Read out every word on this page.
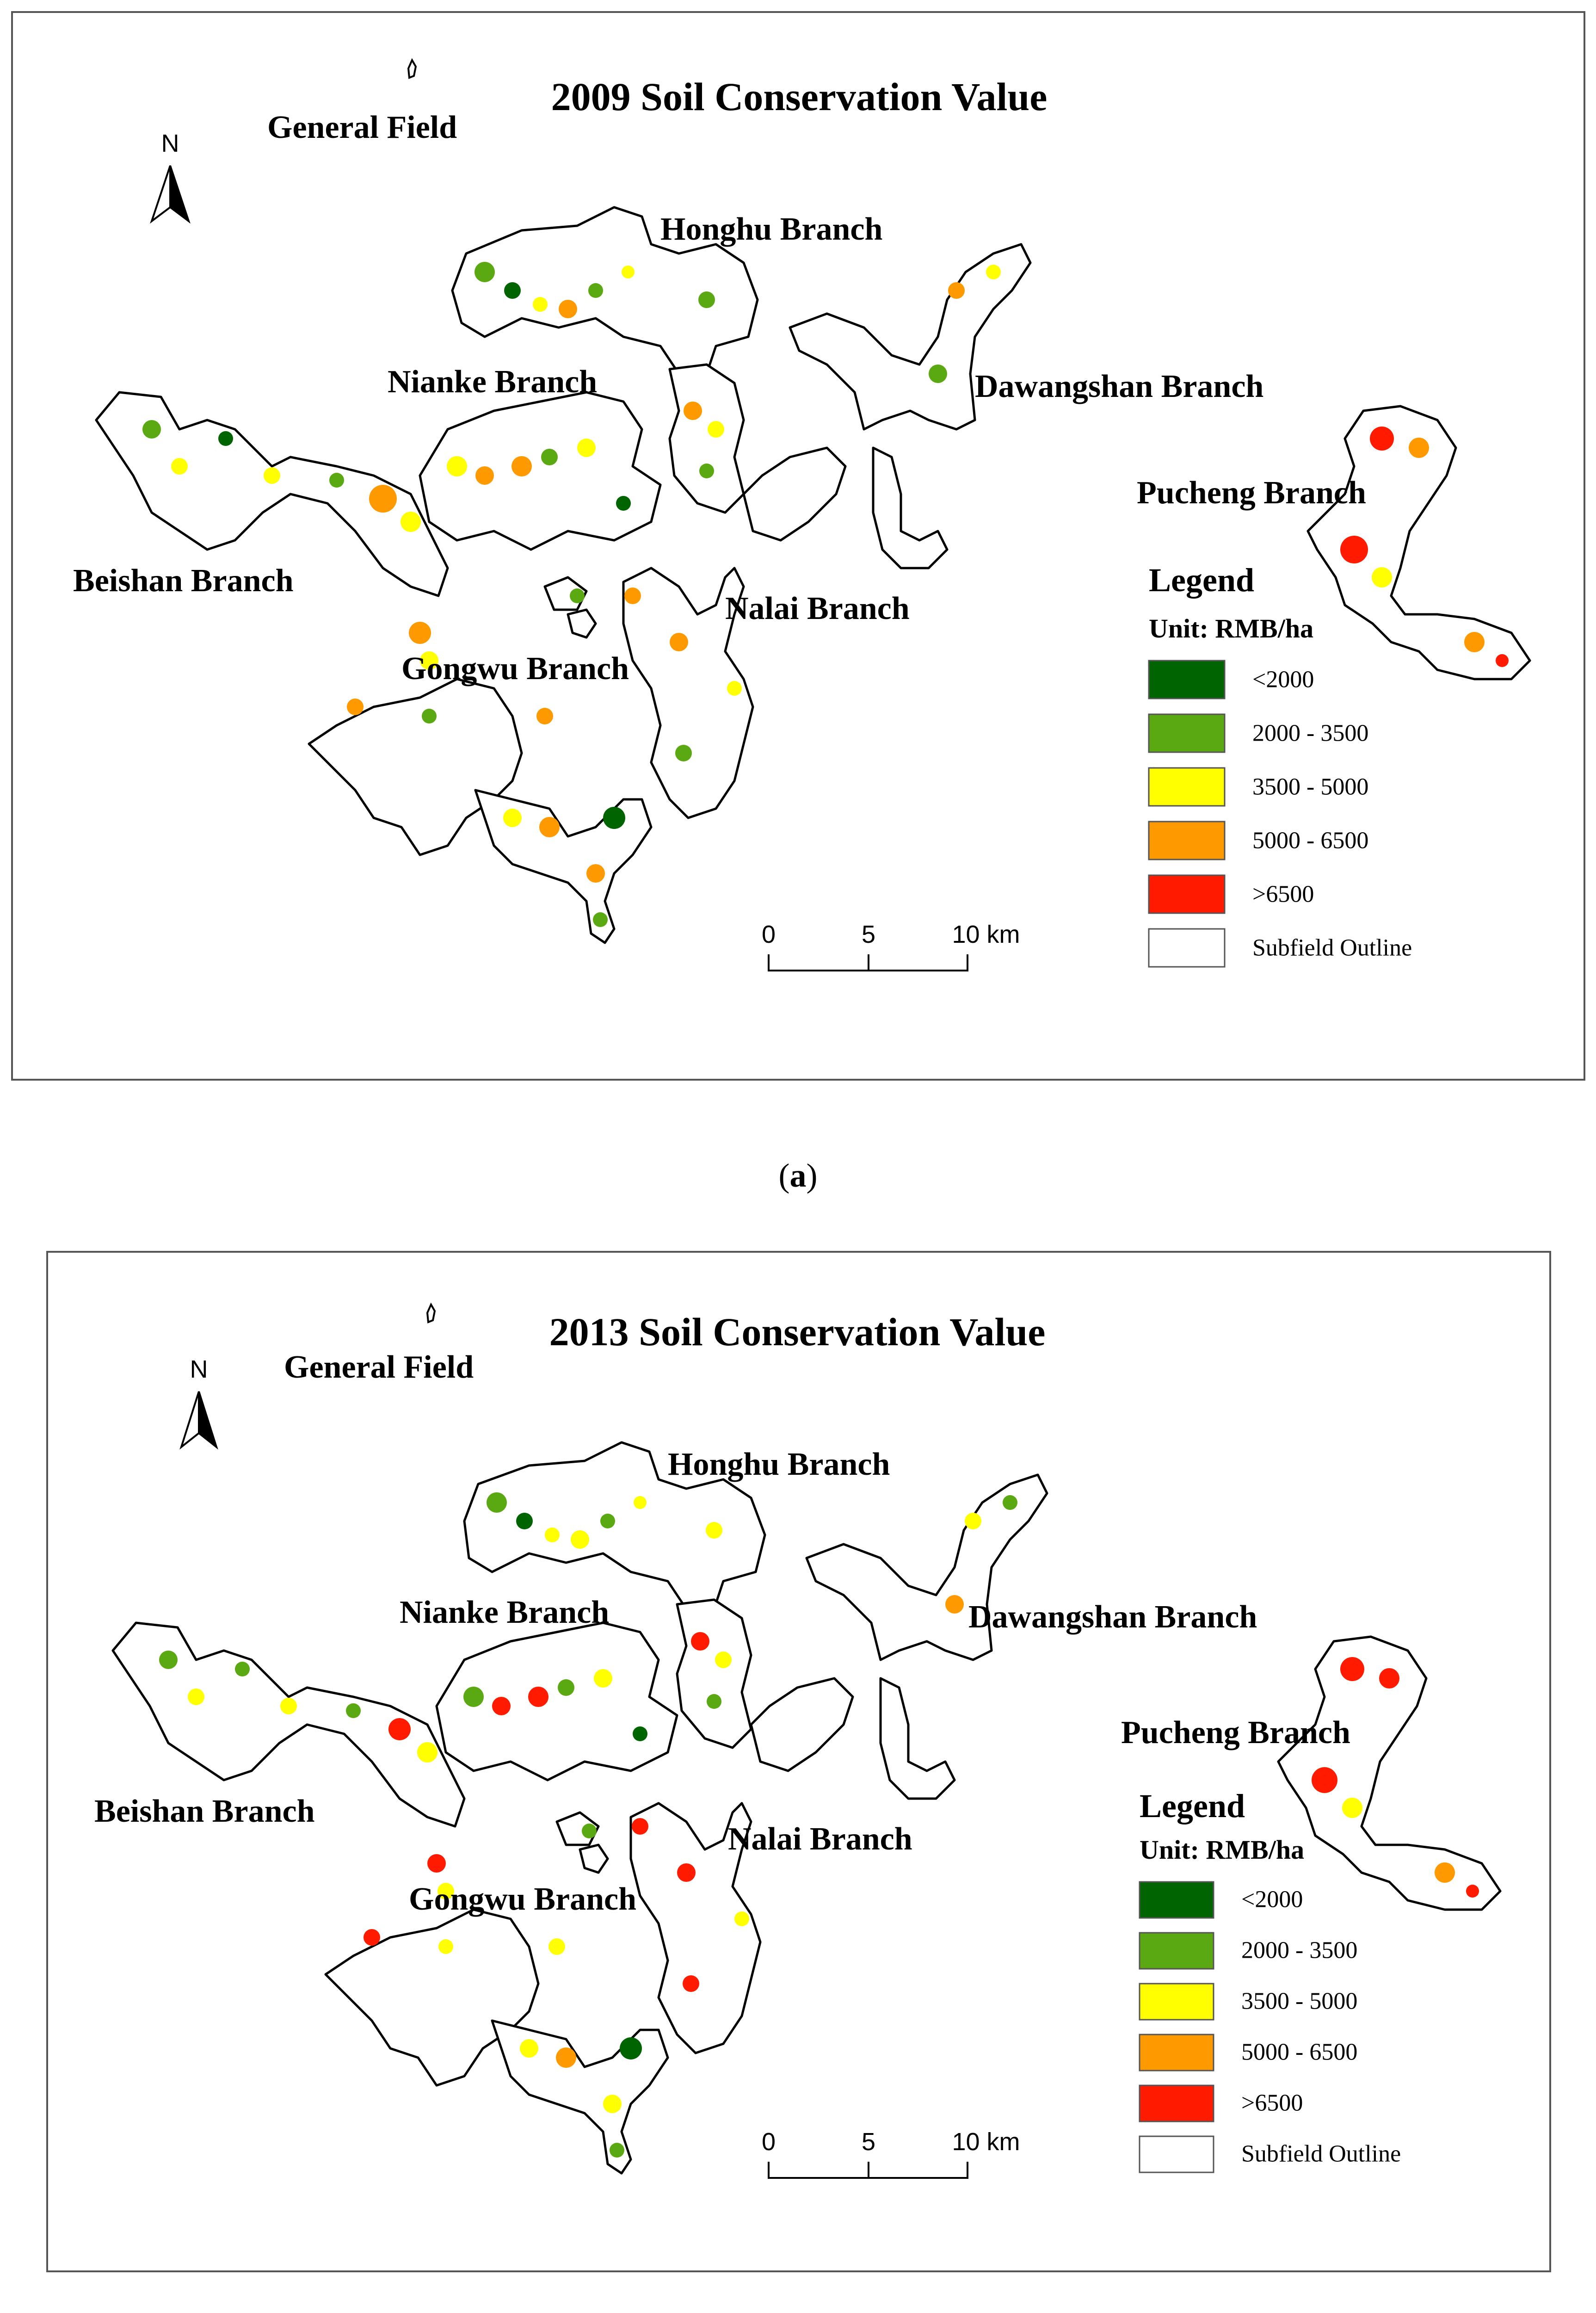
N
2009 Soil Conservation Value
General Field
Honghu Branch
Nianke Branch	Dawangshan Branch
Pucheng Branch
Beishan Branch
Nalai Branch
Gongwu Branch
0	5	10 km
Legend
Unit: RMB/ha
<2000
2000 - 3500
3500 - 5000
5000 - 6500
>6500
Subfield Outline
(a)
N
2013 Soil Conservation Value
General Field
Honghu Branch
Nianke Branch	Dawangshan Branch
Pucheng Branch
Beishan Branch
Nalai Branch
Gongwu Branch
0	5	10 km
Legend
Unit: RMB/ha
<2000
2000 - 3500
3500 - 5000
5000 - 6500
>6500
Subfield Outline
